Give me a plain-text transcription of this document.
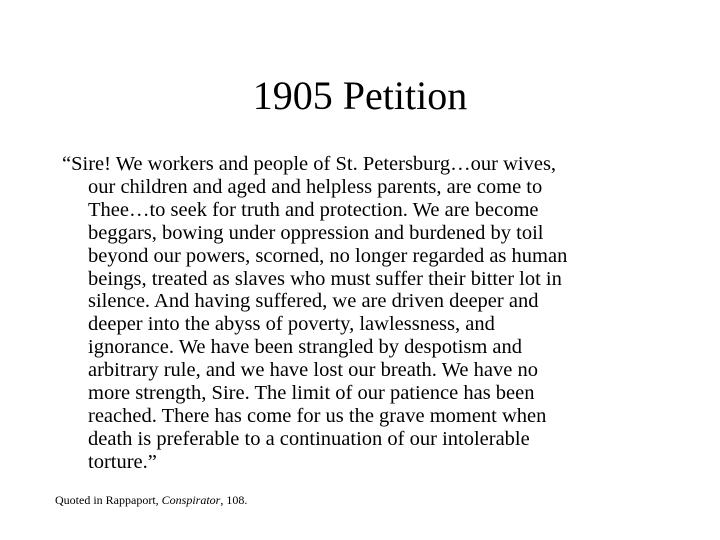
1905 Petition
“Sire! We workers and people of St. Petersburg…our wives,
our children and aged and helpless parents, are come to
Thee…to seek for truth and protection. We are become
beggars, bowing under oppression and burdened by toil
beyond our powers, scorned, no longer regarded as human
beings, treated as slaves who must suffer their bitter lot in
silence. And having suffered, we are driven deeper and
deeper into the abyss of poverty, lawlessness, and
ignorance. We have been strangled by despotism and
arbitrary rule, and we have lost our breath. We have no
more strength, Sire. The limit of our patience has been
reached. There has come for us the grave moment when
death is preferable to a continuation of our intolerable
torture.”
Quoted in Rappaport, Conspirator, 108.
